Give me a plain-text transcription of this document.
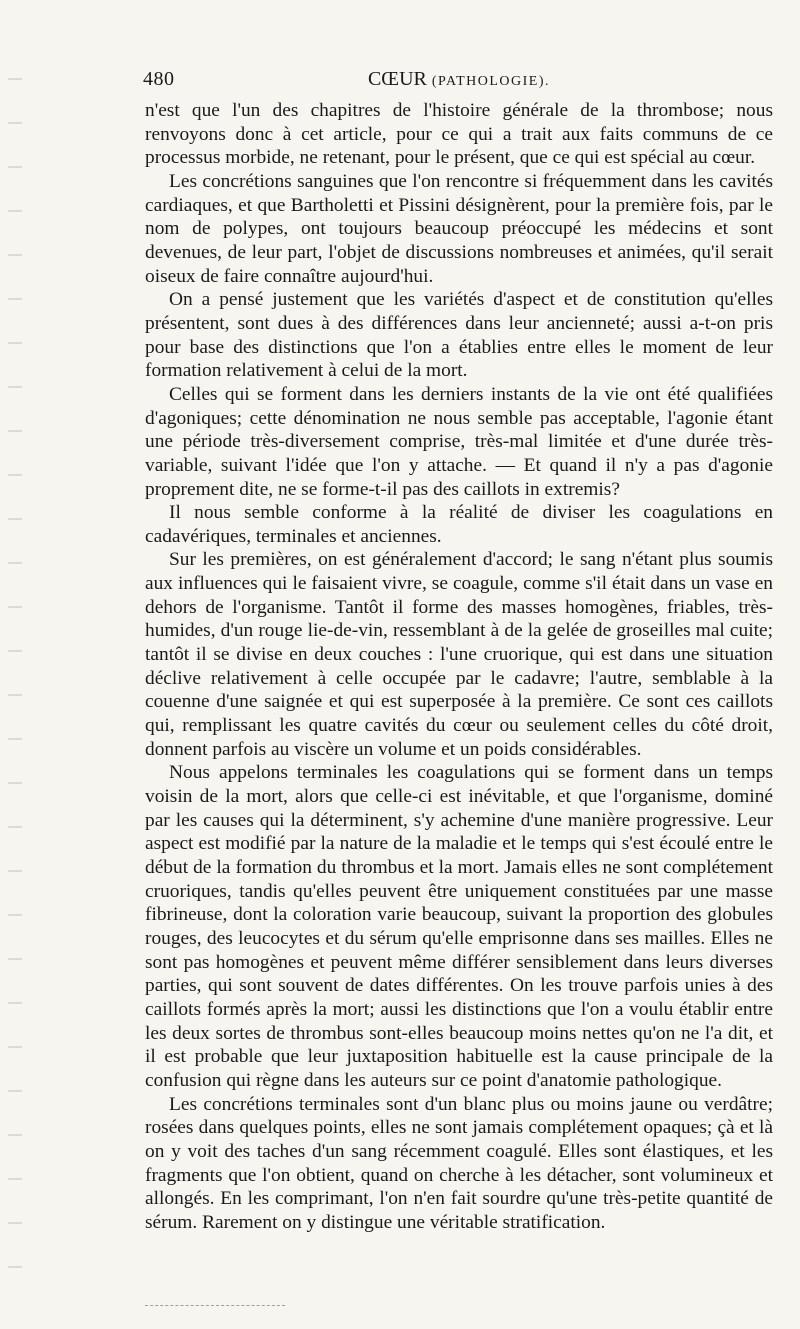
480	CŒUR (PATHOLOGIE).

n'est que l'un des chapitres de l'histoire générale de la thrombose; nous renvoyons donc à cet article, pour ce qui a trait aux faits communs de ce processus morbide, ne retenant, pour le présent, que ce qui est spécial au cœur.

Les concrétions sanguines que l'on rencontre si fréquemment dans les cavités cardiaques, et que Bartholetti et Pissini désignèrent, pour la première fois, par le nom de polypes, ont toujours beaucoup préoccupé les médecins et sont devenues, de leur part, l'objet de discussions nombreuses et animées, qu'il serait oiseux de faire connaître aujourd'hui.

On a pensé justement que les variétés d'aspect et de constitution qu'elles présentent, sont dues à des différences dans leur ancienneté; aussi a-t-on pris pour base des distinctions que l'on a établies entre elles le moment de leur formation relativement à celui de la mort.

Celles qui se forment dans les derniers instants de la vie ont été qualifiées d'agoniques; cette dénomination ne nous semble pas acceptable, l'agonie étant une période très-diversement comprise, très-mal limitée et d'une durée très-variable, suivant l'idée que l'on y attache. — Et quand il n'y a pas d'agonie proprement dite, ne se forme-t-il pas des caillots in extremis?

Il nous semble conforme à la réalité de diviser les coagulations en cadavériques, terminales et anciennes.

Sur les premières, on est généralement d'accord; le sang n'étant plus soumis aux influences qui le faisaient vivre, se coagule, comme s'il était dans un vase en dehors de l'organisme. Tantôt il forme des masses homogènes, friables, très-humides, d'un rouge lie-de-vin, ressemblant à de la gelée de groseilles mal cuite; tantôt il se divise en deux couches : l'une cruorique, qui est dans une situation déclive relativement à celle occupée par le cadavre; l'autre, semblable à la couenne d'une saignée et qui est superposée à la première. Ce sont ces caillots qui, remplissant les quatre cavités du cœur ou seulement celles du côté droit, donnent parfois au viscère un volume et un poids considérables.

Nous appelons terminales les coagulations qui se forment dans un temps voisin de la mort, alors que celle-ci est inévitable, et que l'organisme, dominé par les causes qui la déterminent, s'y achemine d'une manière progressive. Leur aspect est modifié par la nature de la maladie et le temps qui s'est écoulé entre le début de la formation du thrombus et la mort. Jamais elles ne sont complétement cruoriques, tandis qu'elles peuvent être uniquement constituées par une masse fibrineuse, dont la coloration varie beaucoup, suivant la proportion des globules rouges, des leucocytes et du sérum qu'elle emprisonne dans ses mailles. Elles ne sont pas homogènes et peuvent même différer sensiblement dans leurs diverses parties, qui sont souvent de dates différentes. On les trouve parfois unies à des caillots formés après la mort; aussi les distinctions que l'on a voulu établir entre les deux sortes de thrombus sont-elles beaucoup moins nettes qu'on ne l'a dit, et il est probable que leur juxtaposition habituelle est la cause principale de la confusion qui règne dans les auteurs sur ce point d'anatomie pathologique.

Les concrétions terminales sont d'un blanc plus ou moins jaune ou verdâtre; rosées dans quelques points, elles ne sont jamais complétement opaques; çà et là on y voit des taches d'un sang récemment coagulé. Elles sont élastiques, et les fragments que l'on obtient, quand on cherche à les détacher, sont volumineux et allongés. En les comprimant, l'on n'en fait sourdre qu'une très-petite quantité de sérum. Rarement on y distingue une véritable stratification.
